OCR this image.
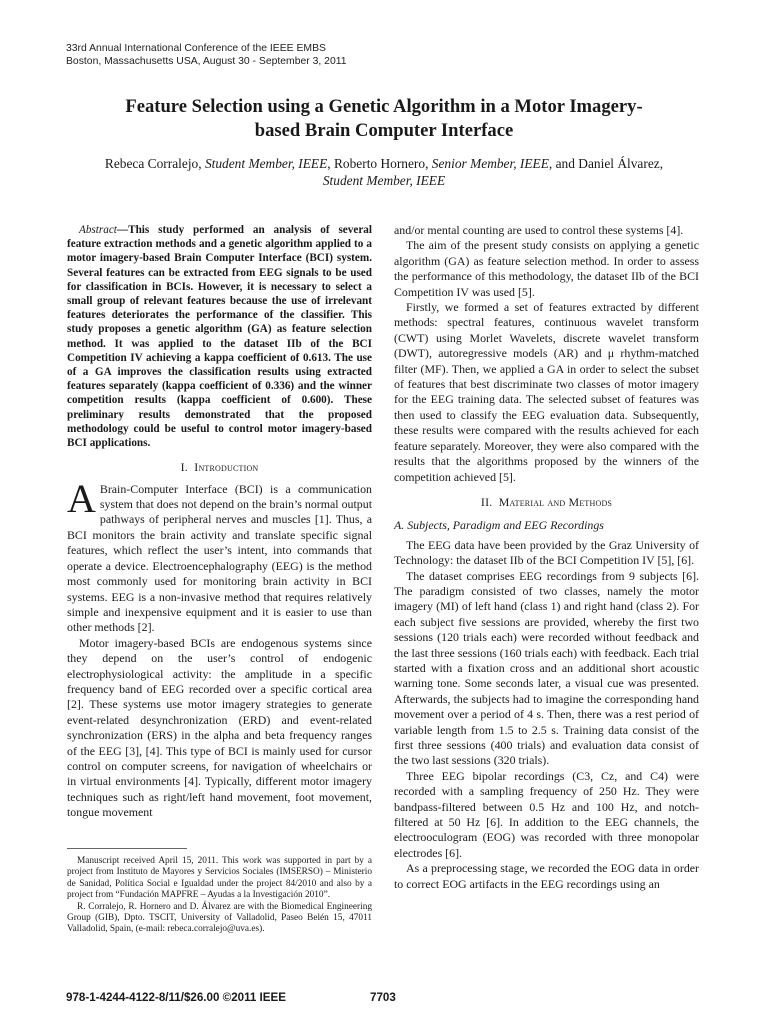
33rd Annual International Conference of the IEEE EMBS
Boston, Massachusetts USA, August 30 - September 3, 2011
Feature Selection using a Genetic Algorithm in a Motor Imagery-
based Brain Computer Interface
Rebeca Corralejo, Student Member, IEEE, Roberto Hornero, Senior Member, IEEE, and Daniel Álvarez, Student Member, IEEE

Abstract—This study performed an analysis of several feature extraction methods and a genetic algorithm applied to a motor imagery-based Brain Computer Interface (BCI) system. Several features can be extracted from EEG signals to be used for classification in BCIs. However, it is necessary to select a small group of relevant features because the use of irrelevant features deteriorates the performance of the classifier. This study proposes a genetic algorithm (GA) as feature selection method. It was applied to the dataset IIb of the BCI Competition IV achieving a kappa coefficient of 0.613. The use of a GA improves the classification results using extracted features separately (kappa coefficient of 0.336) and the winner competition results (kappa coefficient of 0.600). These preliminary results demonstrated that the proposed methodology could be useful to control motor imagery-based BCI applications.

I. Introduction

A Brain-Computer Interface (BCI) is a communication system that does not depend on the brain’s normal output pathways of peripheral nerves and muscles [1]. Thus, a BCI monitors the brain activity and translate specific signal features, which reflect the user’s intent, into commands that operate a device. Electroencephalography (EEG) is the method most commonly used for monitoring brain activity in BCI systems. EEG is a non-invasive method that requires relatively simple and inexpensive equipment and it is easier to use than other methods [2].

Motor imagery-based BCIs are endogenous systems since they depend on the user’s control of endogenic electrophysiological activity: the amplitude in a specific frequency band of EEG recorded over a specific cortical area [2]. These systems use motor imagery strategies to generate event-related desynchronization (ERD) and event-related synchronization (ERS) in the alpha and beta frequency ranges of the EEG [3], [4]. This type of BCI is mainly used for cursor control on computer screens, for navigation of wheelchairs or in virtual environments [4]. Typically, different motor imagery techniques such as right/left hand movement, foot movement, tongue movement

Manuscript received April 15, 2011. This work was supported in part by a project from Instituto de Mayores y Servicios Sociales (IMSERSO) – Ministerio de Sanidad, Política Social e Igualdad under the project 84/2010 and also by a project from “Fundación MAPFRE – Ayudas a la Investigación 2010”.

R. Corralejo, R. Hornero and D. Álvarez are with the Biomedical Engineering Group (GIB), Dpto. TSCIT, University of Valladolid, Paseo Belén 15, 47011 Valladolid, Spain, (e-mail: rebeca.corralejo@uva.es).

and/or mental counting are used to control these systems [4].

The aim of the present study consists on applying a genetic algorithm (GA) as feature selection method. In order to assess the performance of this methodology, the dataset IIb of the BCI Competition IV was used [5].

Firstly, we formed a set of features extracted by different methods: spectral features, continuous wavelet transform (CWT) using Morlet Wavelets, discrete wavelet transform (DWT), autoregressive models (AR) and μ rhythm-matched filter (MF). Then, we applied a GA in order to select the subset of features that best discriminate two classes of motor imagery for the EEG training data. The selected subset of features was then used to classify the EEG evaluation data. Subsequently, these results were compared with the results achieved for each feature separately. Moreover, they were also compared with the results that the algorithms proposed by the winners of the competition achieved [5].

II. Material and Methods
A. Subjects, Paradigm and EEG Recordings

The EEG data have been provided by the Graz University of Technology: the dataset IIb of the BCI Competition IV [5], [6].

The dataset comprises EEG recordings from 9 subjects [6]. The paradigm consisted of two classes, namely the motor imagery (MI) of left hand (class 1) and right hand (class 2). For each subject five sessions are provided, whereby the first two sessions (120 trials each) were recorded without feedback and the last three sessions (160 trials each) with feedback. Each trial started with a fixation cross and an additional short acoustic warning tone. Some seconds later, a visual cue was presented. Afterwards, the subjects had to imagine the corresponding hand movement over a period of 4 s. Then, there was a rest period of variable length from 1.5 to 2.5 s. Training data consist of the first three sessions (400 trials) and evaluation data consist of the two last sessions (320 trials).

Three EEG bipolar recordings (C3, Cz, and C4) were recorded with a sampling frequency of 250 Hz. They were bandpass-filtered between 0.5 Hz and 100 Hz, and notch-filtered at 50 Hz [6]. In addition to the EEG channels, the electrooculogram (EOG) was recorded with three monopolar electrodes [6].

As a preprocessing stage, we recorded the EOG data in order to correct EOG artifacts in the EEG recordings using an

978-1-4244-4122-8/11/$26.00 ©2011 IEEE	7703
